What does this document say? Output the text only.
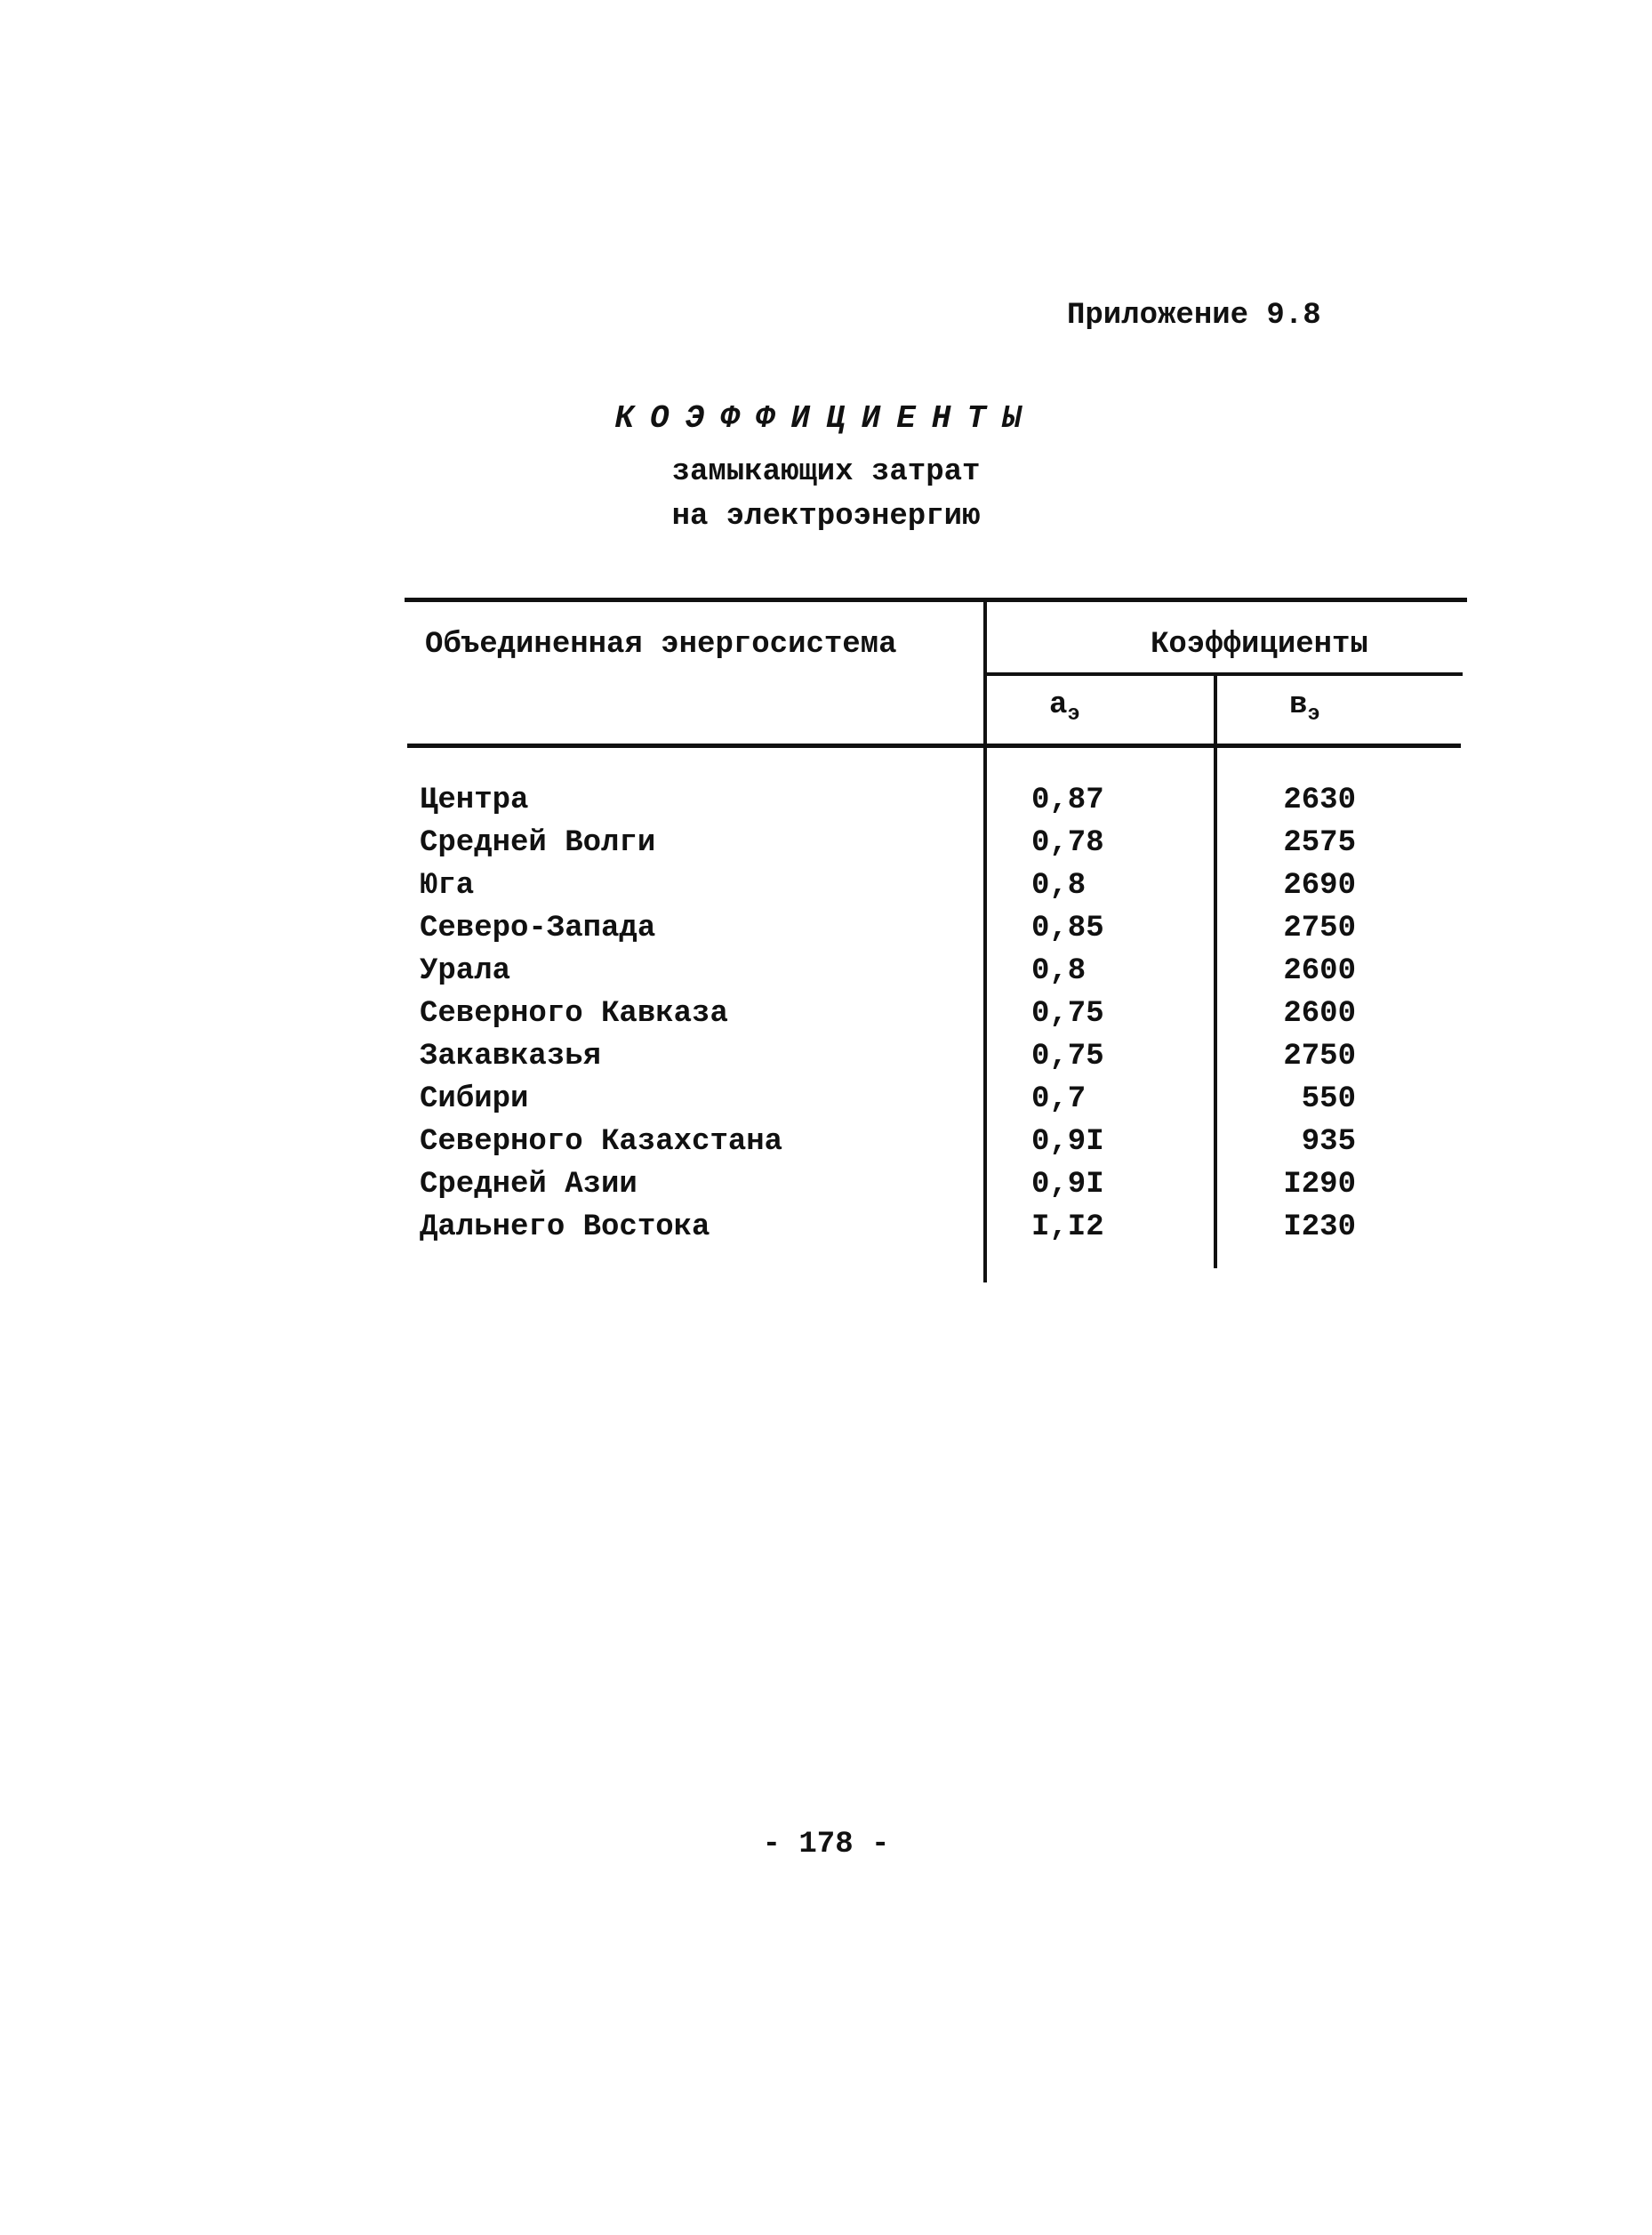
Приложение 9.8
КОЭФФИЦИЕНТЫ
замыкающих затрат
на электроэнергию
Объединенная энергосистема	Коэффициенты
$а_э$	$в_э$
Центра	0,87	2630
Средней Волги	0,78	2575
Юга	0,8	2690
Северо-Запада	0,85	2750
Урала	0,8	2600
Северного Кавказа	0,75	2600
Закавказья	0,75	2750
Сибири	0,7	550
Северного Казахстана	0,9I	935
Средней Азии	0,9I	I290
Дальнего Востока	I,I2	I230
- 178 -
